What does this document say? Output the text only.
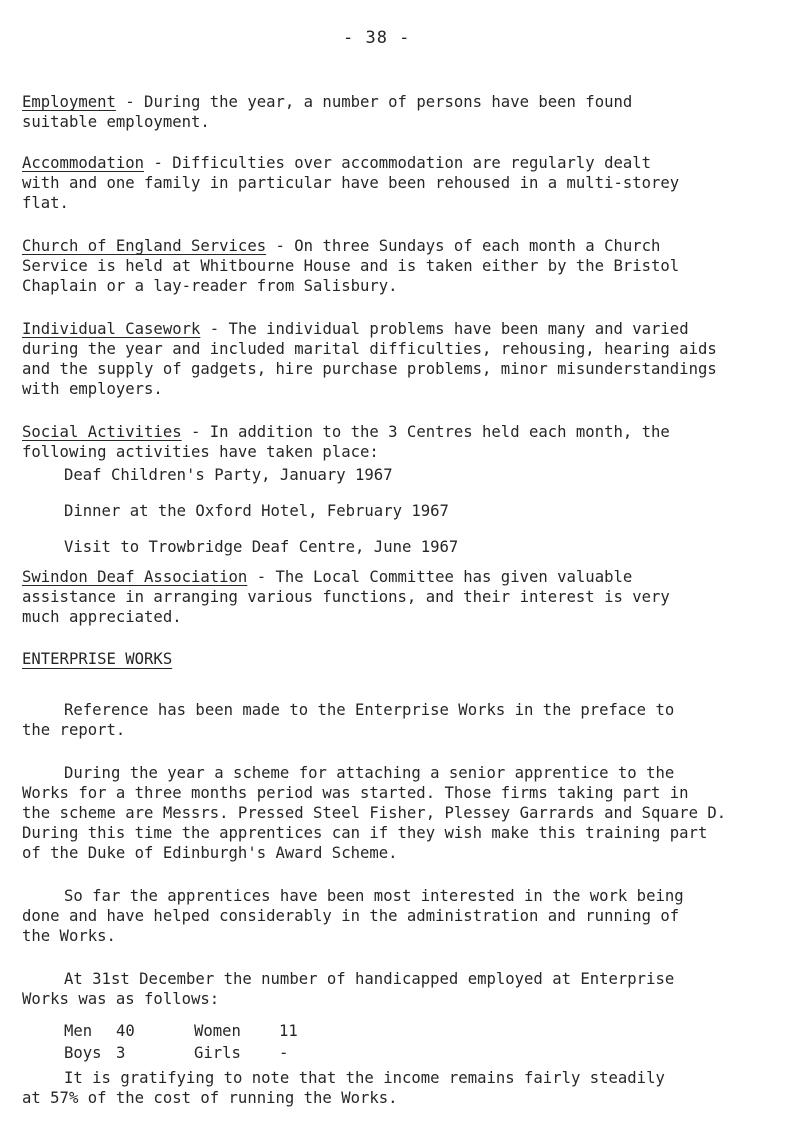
- 38 -

Employment - During the year, a number of persons have been found
suitable employment.

Accommodation - Difficulties over accommodation are regularly dealt
with and one family in particular have been rehoused in a multi-storey
flat.

Church of England Services - On three Sundays of each month a Church
Service is held at Whitbourne House and is taken either by the Bristol
Chaplain or a lay-reader from Salisbury.

Individual Casework - The individual problems have been many and varied
during the year and included marital difficulties, rehousing, hearing aids
and the supply of gadgets, hire purchase problems, minor misunderstandings
with employers.

Social Activities - In addition to the 3 Centres held each month, the
following activities have taken place:

Deaf Children's Party, January 1967
Dinner at the Oxford Hotel, February 1967
Visit to Trowbridge Deaf Centre, June 1967

Swindon Deaf Association - The Local Committee has given valuable
assistance in arranging various functions, and their interest is very
much appreciated.

ENTERPRISE WORKS

Reference has been made to the Enterprise Works in the preface to
the report.

During the year a scheme for attaching a senior apprentice to the
Works for a three months period was started. Those firms taking part in
the scheme are Messrs. Pressed Steel Fisher, Plessey Garrards and Square D.
During this time the apprentices can if they wish make this training part
of the Duke of Edinburgh's Award Scheme.

So far the apprentices have been most interested in the work being
done and have helped considerably in the administration and running of
the Works.

At 31st December the number of handicapped employed at Enterprise
Works was as follows:

Men 40	Women 11
Boys 3	Girls -

It is gratifying to note that the income remains fairly steadily
at 57% of the cost of running the Works.
